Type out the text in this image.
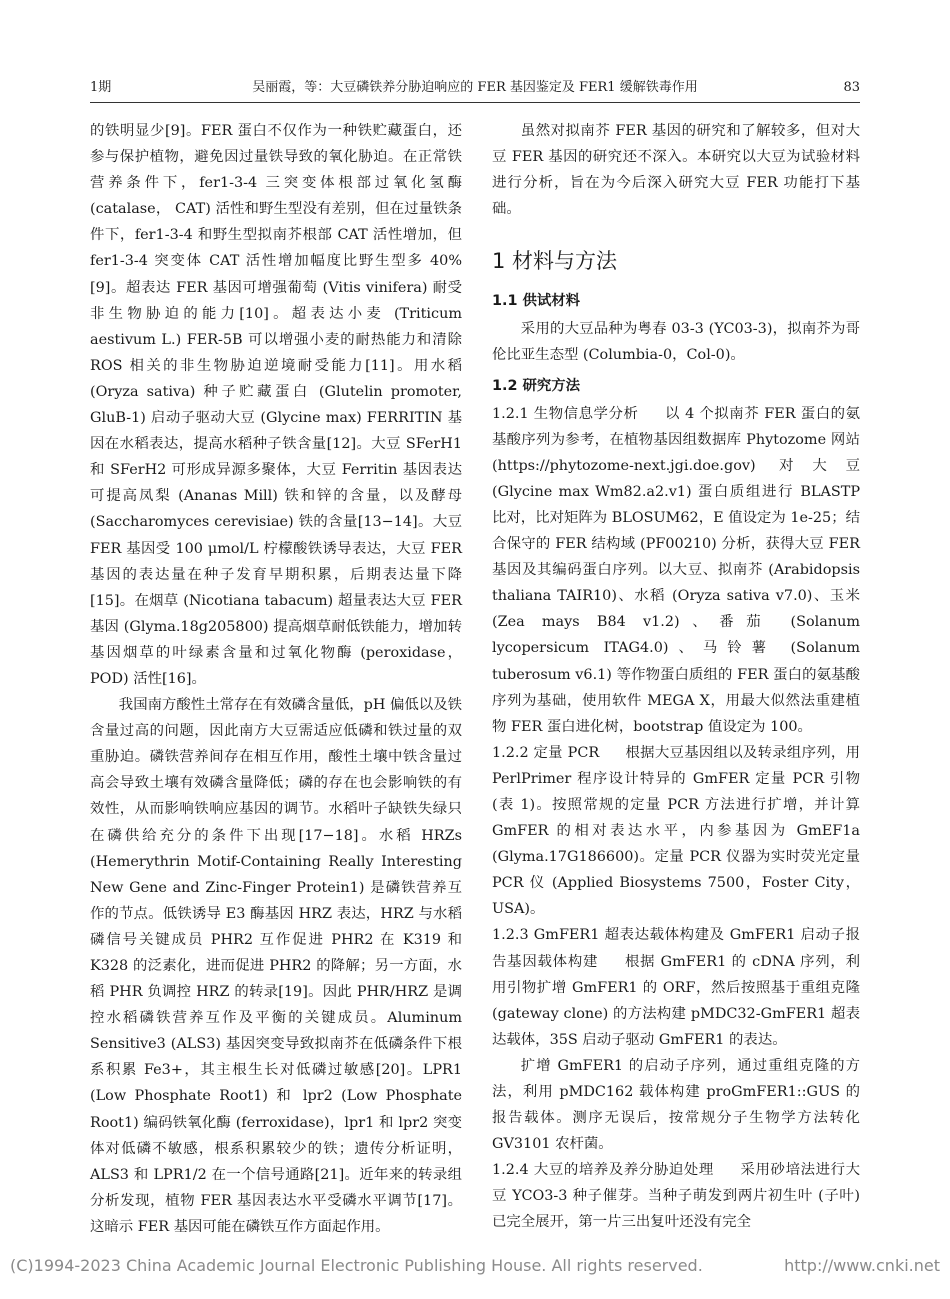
1期	吴丽霞，等：大豆磷铁养分胁迫响应的 FER 基因鉴定及 FER1 缓解铁毒作用	83

的铁明显少[9]。FER 蛋白不仅作为一种铁贮藏蛋白，还参与保护植物，避免因过量铁导致的氧化胁迫。在正常铁营养条件下，fer1-3-4 三突变体根部过氧化氢酶 (catalase， CAT) 活性和野生型没有差别，但在过量铁条件下，fer1-3-4 和野生型拟南芥根部 CAT 活性增加，但 fer1-3-4 突变体 CAT 活性增加幅度比野生型多 40%[9]。超表达 FER 基因可增强葡萄 (Vitis vinifera) 耐受非生物胁迫的能力[10]。超表达小麦 (Triticum aestivum L.) FER-5B 可以增强小麦的耐热能力和清除 ROS 相关的非生物胁迫逆境耐受能力[11]。用水稻 (Oryza sativa) 种子贮藏蛋白 (Glutelin promoter, GluB-1) 启动子驱动大豆 (Glycine max) FERRITIN 基因在水稻表达，提高水稻种子铁含量[12]。大豆 SFerH1 和 SFerH2 可形成异源多聚体，大豆 Ferritin 基因表达可提高凤梨 (Ananas Mill) 铁和锌的含量，以及酵母 (Saccharomyces cerevisiae) 铁的含量[13−14]。大豆 FER 基因受 100 μmol/L 柠檬酸铁诱导表达，大豆 FER 基因的表达量在种子发育早期积累，后期表达量下降[15]。在烟草 (Nicotiana tabacum) 超量表达大豆 FER 基因 (Glyma.18g205800) 提高烟草耐低铁能力，增加转基因烟草的叶绿素含量和过氧化物酶 (peroxidase，POD) 活性[16]。

我国南方酸性土常存在有效磷含量低，pH 偏低以及铁含量过高的问题，因此南方大豆需适应低磷和铁过量的双重胁迫。磷铁营养间存在相互作用，酸性土壤中铁含量过高会导致土壤有效磷含量降低；磷的存在也会影响铁的有效性，从而影响铁响应基因的调节。水稻叶子缺铁失绿只在磷供给充分的条件下出现[17−18]。水稻 HRZs (Hemerythrin Motif-Containing Really Interesting New Gene and Zinc-Finger Protein1) 是磷铁营养互作的节点。低铁诱导 E3 酶基因 HRZ 表达，HRZ 与水稻磷信号关键成员 PHR2 互作促进 PHR2 在 K319 和 K328 的泛素化，进而促进 PHR2 的降解；另一方面，水稻 PHR 负调控 HRZ 的转录[19]。因此 PHR/HRZ 是调控水稻磷铁营养互作及平衡的关键成员。Aluminum Sensitive3 (ALS3) 基因突变导致拟南芥在低磷条件下根系积累 Fe3+，其主根生长对低磷过敏感[20]。LPR1 (Low Phosphate Root1) 和 lpr2 (Low Phosphate Root1) 编码铁氧化酶 (ferroxidase)，lpr1 和 lpr2 突变体对低磷不敏感，根系积累较少的铁；遗传分析证明，ALS3 和 LPR1/2 在一个信号通路[21]。近年来的转录组分析发现，植物 FER 基因表达水平受磷水平调节[17]。这暗示 FER 基因可能在磷铁互作方面起作用。

虽然对拟南芥 FER 基因的研究和了解较多，但对大豆 FER 基因的研究还不深入。本研究以大豆为试验材料进行分析，旨在为今后深入研究大豆 FER 功能打下基础。

1 材料与方法
1.1 供试材料

采用的大豆品种为粤春 03-3 (YC03-3)，拟南芥为哥伦比亚生态型 (Columbia-0，Col-0)。

1.2 研究方法

1.2.1 生物信息学分析 以 4 个拟南芥 FER 蛋白的氨基酸序列为参考，在植物基因组数据库 Phytozome 网站 (https://phytozome-next.jgi.doe.gov) 对大豆 (Glycine max Wm82.a2.v1) 蛋白质组进行 BLASTP 比对，比对矩阵为 BLOSUM62，E 值设定为 1e-25；结合保守的 FER 结构域 (PF00210) 分析，获得大豆 FER 基因及其编码蛋白序列。以大豆、拟南芥 (Arabidopsis thaliana TAIR10)、水稻 (Oryza sativa v7.0)、玉米 (Zea mays B84 v1.2)、番茄 (Solanum lycopersicum ITAG4.0)、马铃薯 (Solanum tuberosum v6.1) 等作物蛋白质组的 FER 蛋白的氨基酸序列为基础，使用软件 MEGA X，用最大似然法重建植物 FER 蛋白进化树，bootstrap 值设定为 100。

1.2.2 定量 PCR 根据大豆基因组以及转录组序列，用 PerlPrimer 程序设计特异的 GmFER 定量 PCR 引物 (表 1)。按照常规的定量 PCR 方法进行扩增，并计算 GmFER 的相对表达水平，内参基因为 GmEF1a (Glyma.17G186600)。定量 PCR 仪器为实时荧光定量 PCR 仪 (Applied Biosystems 7500，Foster City，USA)。

1.2.3 GmFER1 超表达载体构建及 GmFER1 启动子报告基因载体构建 根据 GmFER1 的 cDNA 序列，利用引物扩增 GmFER1 的 ORF，然后按照基于重组克隆 (gateway clone) 的方法构建 pMDC32-GmFER1 超表达载体，35S 启动子驱动 GmFER1 的表达。

扩增 GmFER1 的启动子序列，通过重组克隆的方法，利用 pMDC162 载体构建 proGmFER1::GUS 的报告载体。测序无误后，按常规分子生物学方法转化 GV3101 农杆菌。

1.2.4 大豆的培养及养分胁迫处理 采用砂培法进行大豆 YCO3-3 种子催芽。当种子萌发到两片初生叶 (子叶) 已完全展开，第一片三出复叶还没有完全

(C)1994-2023 China Academic Journal Electronic Publishing House. All rights reserved.	http://www.cnki.net
